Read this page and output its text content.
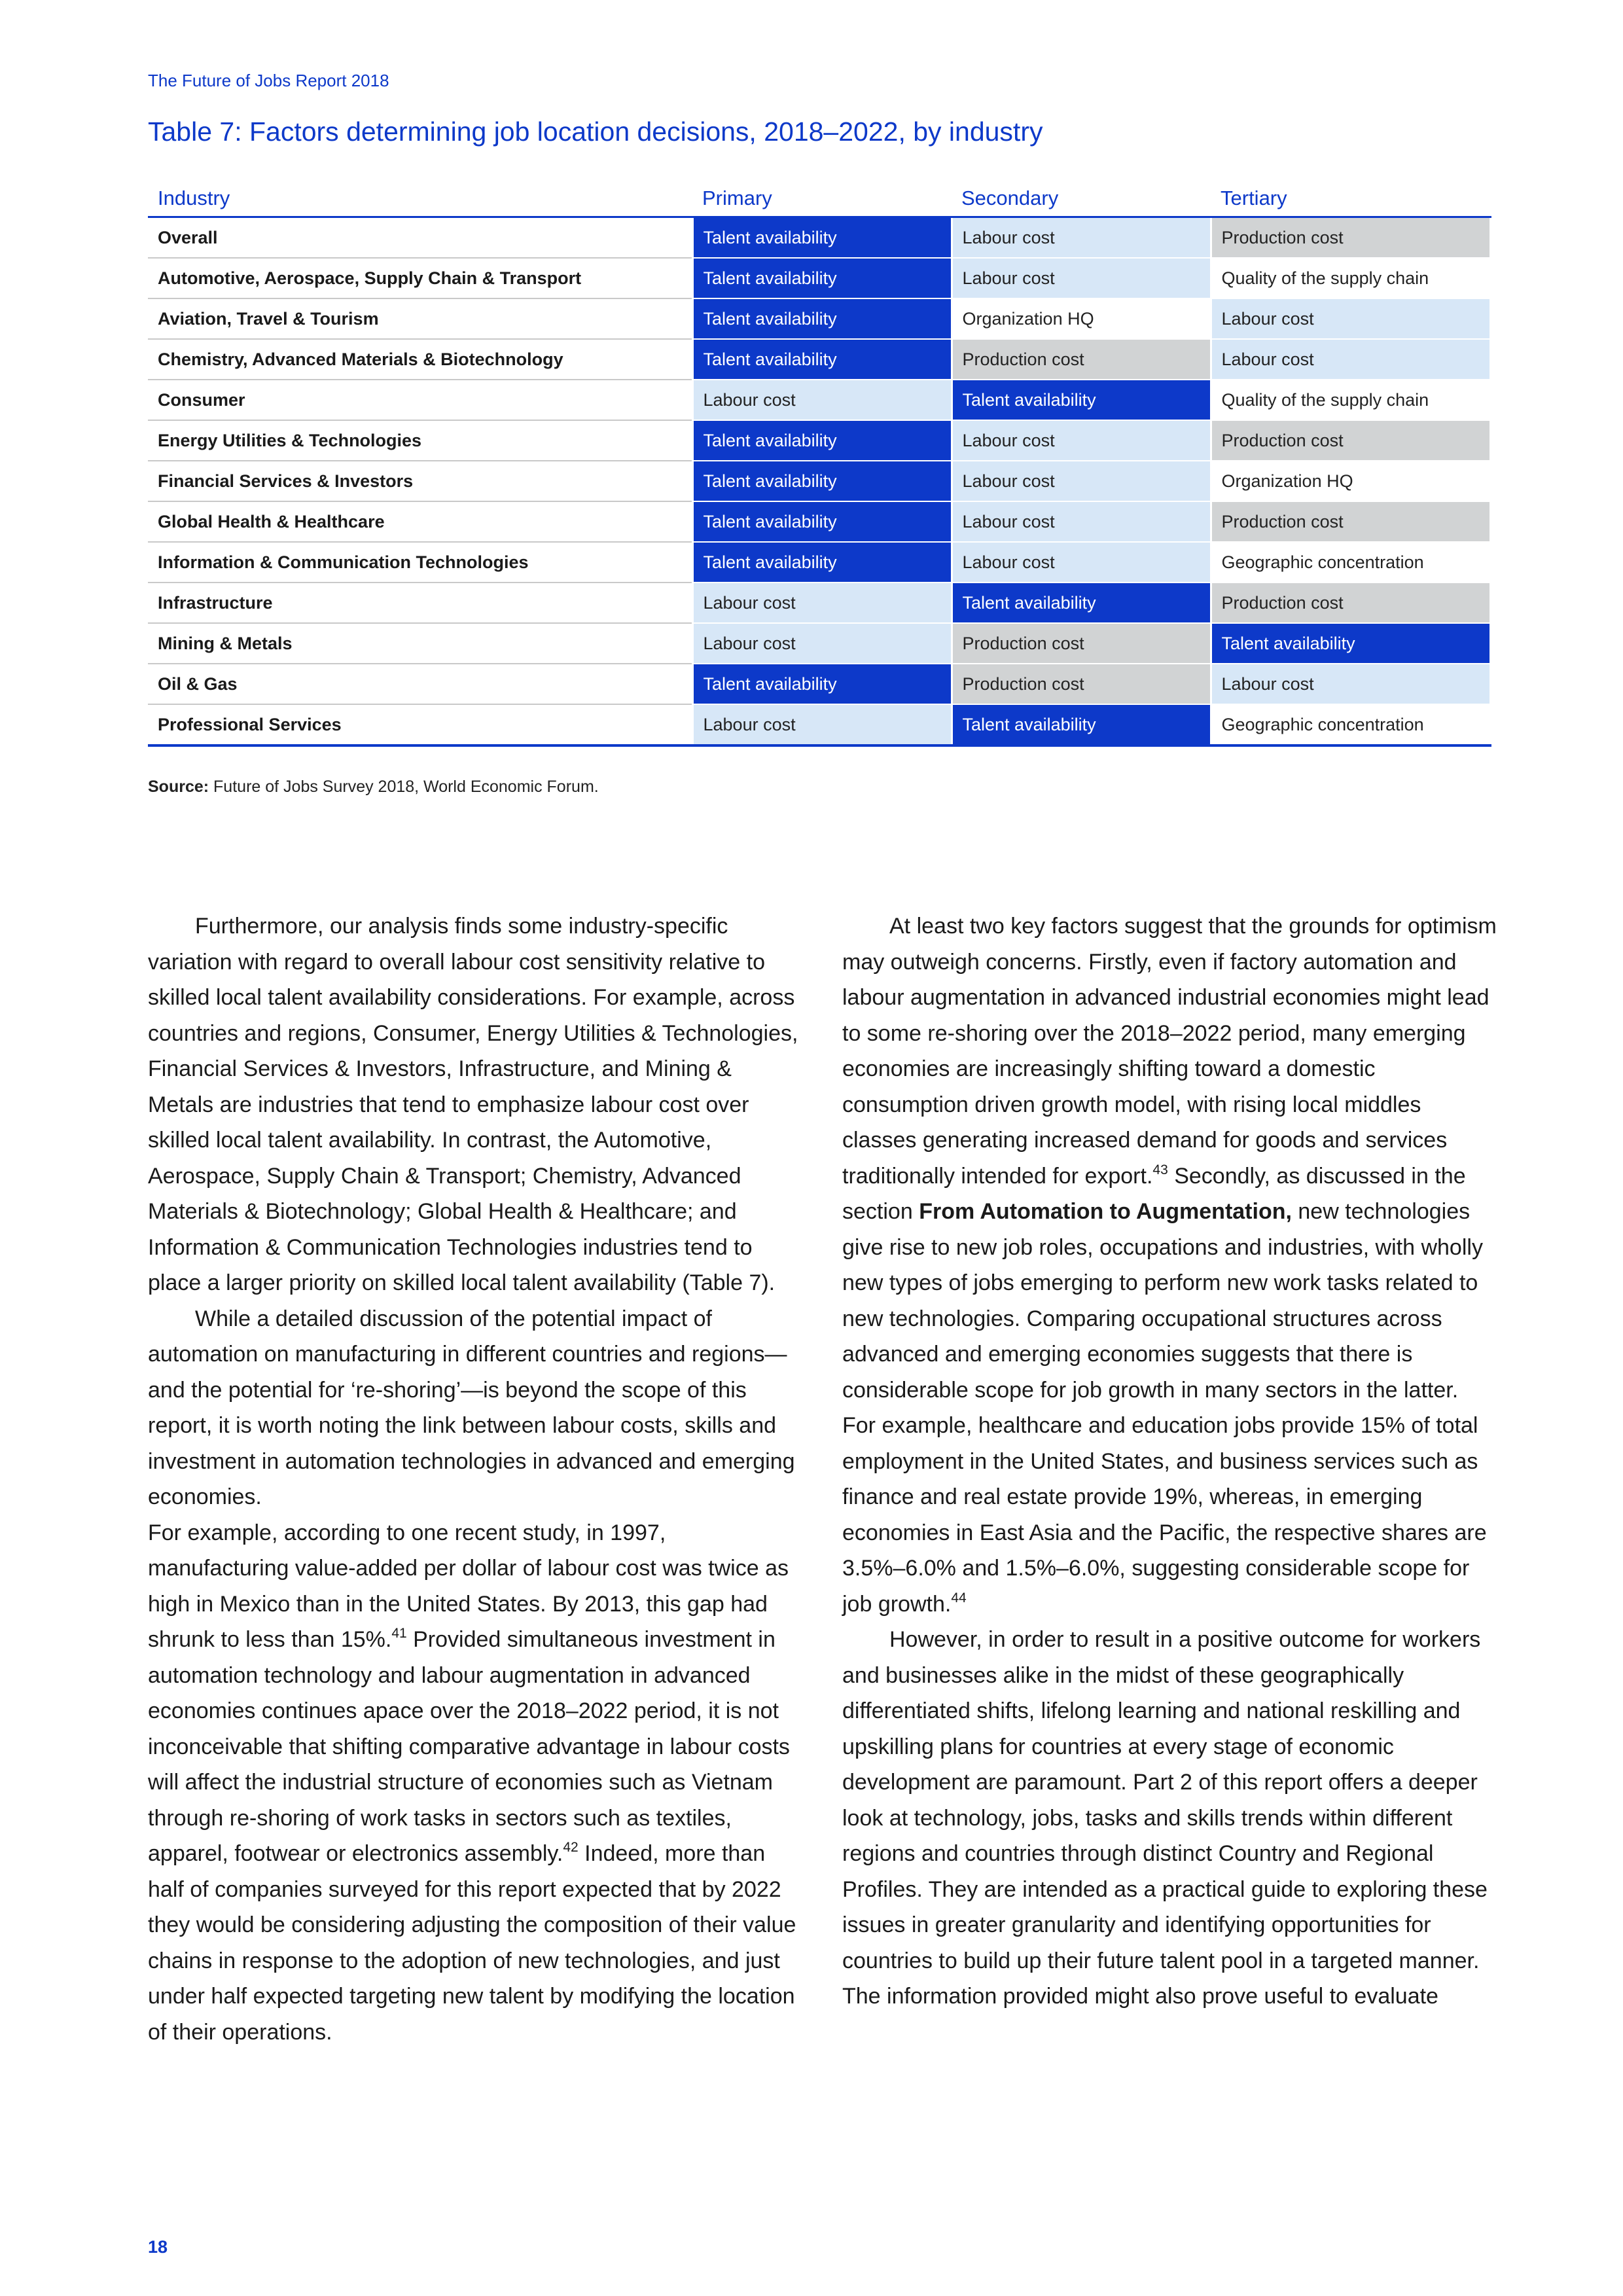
The Future of Jobs Report 2018
Table 7: Factors determining job location decisions, 2018–2022, by industry
Industry	Primary	Secondary	Tertiary
Overall	Talent availability	Labour cost	Production cost
Automotive, Aerospace, Supply Chain & Transport	Talent availability	Labour cost	Quality of the supply chain
Aviation, Travel & Tourism	Talent availability	Organization HQ	Labour cost
Chemistry, Advanced Materials & Biotechnology	Talent availability	Production cost	Labour cost
Consumer	Labour cost	Talent availability	Quality of the supply chain
Energy Utilities & Technologies	Talent availability	Labour cost	Production cost
Financial Services & Investors	Talent availability	Labour cost	Organization HQ
Global Health & Healthcare	Talent availability	Labour cost	Production cost
Information & Communication Technologies	Talent availability	Labour cost	Geographic concentration
Infrastructure	Labour cost	Talent availability	Production cost
Mining & Metals	Labour cost	Production cost	Talent availability
Oil & Gas	Talent availability	Production cost	Labour cost
Professional Services	Labour cost	Talent availability	Geographic concentration
Source: Future of Jobs Survey 2018, World Economic Forum.

Furthermore, our analysis finds some industry-specific variation with regard to overall labour cost sensitivity relative to skilled local talent availability considerations. For example, across countries and regions, Consumer, Energy Utilities & Technologies, Financial Services & Investors, Infrastructure, and Mining & Metals are industries that tend to emphasize labour cost over skilled local talent availability. In contrast, the Automotive, Aerospace, Supply Chain & Transport; Chemistry, Advanced Materials & Biotechnology; Global Health & Healthcare; and Information & Communication Technologies industries tend to place a larger priority on skilled local talent availability (Table 7).

While a detailed discussion of the potential impact of automation on manufacturing in different countries and regions—and the potential for ‘re-shoring’—is beyond the scope of this report, it is worth noting the link between labour costs, skills and investment in automation technologies in advanced and emerging economies.

For example, according to one recent study, in 1997, manufacturing value-added per dollar of labour cost was twice as high in Mexico than in the United States. By 2013, this gap had shrunk to less than 15%.$^{41}$ Provided simultaneous investment in automation technology and labour augmentation in advanced economies continues apace over the 2018–2022 period, it is not inconceivable that shifting comparative advantage in labour costs will affect the industrial structure of economies such as Vietnam through re-shoring of work tasks in sectors such as textiles, apparel, footwear or electronics assembly.$^{42}$ Indeed, more than half of companies surveyed for this report expected that by 2022 they would be considering adjusting the composition of their value chains in response to the adoption of new technologies, and just under half expected targeting new talent by modifying the location of their operations.

At least two key factors suggest that the grounds for optimism may outweigh concerns. Firstly, even if factory automation and labour augmentation in advanced industrial economies might lead to some re-shoring over the 2018–2022 period, many emerging economies are increasingly shifting toward a domestic consumption driven growth model, with rising local middles classes generating increased demand for goods and services traditionally intended for export.$^{43}$ Secondly, as discussed in the section From Automation to Augmentation, new technologies give rise to new job roles, occupations and industries, with wholly new types of jobs emerging to perform new work tasks related to new technologies. Comparing occupational structures across advanced and emerging economies suggests that there is considerable scope for job growth in many sectors in the latter. For example, healthcare and education jobs provide 15% of total employment in the United States, and business services such as finance and real estate provide 19%, whereas, in emerging economies in East Asia and the Pacific, the respective shares are 3.5%–6.0% and 1.5%–6.0%, suggesting considerable scope for job growth.$^{44}$

However, in order to result in a positive outcome for workers and businesses alike in the midst of these geographically differentiated shifts, lifelong learning and national reskilling and upskilling plans for countries at every stage of economic development are paramount. Part 2 of this report offers a deeper look at technology, jobs, tasks and skills trends within different regions and countries through distinct Country and Regional Profiles. They are intended as a practical guide to exploring these issues in greater granularity and identifying opportunities for countries to build up their future talent pool in a targeted manner. The information provided might also prove useful to evaluate

18
